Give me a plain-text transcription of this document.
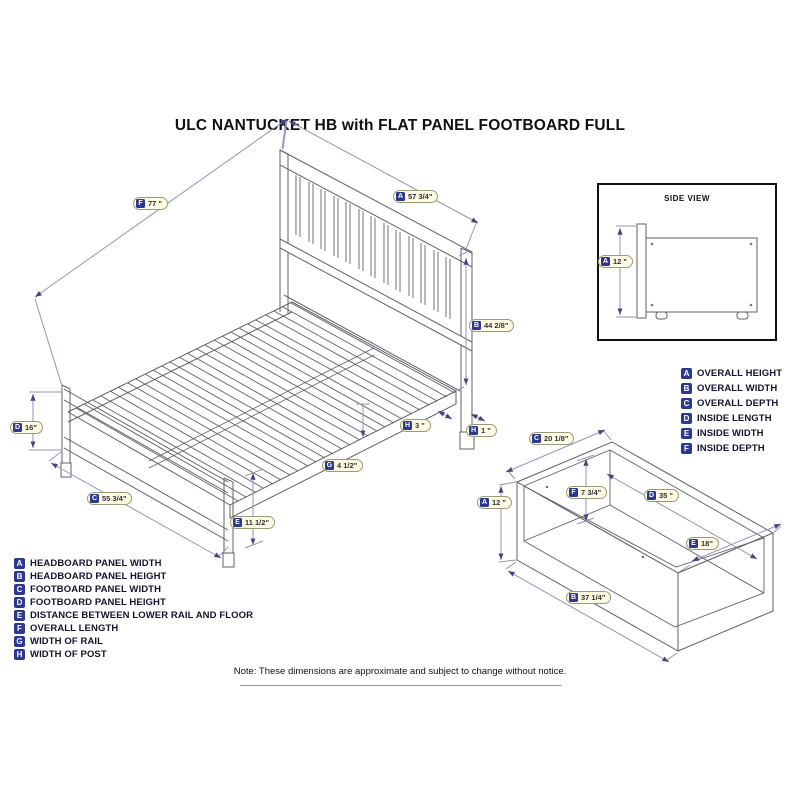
ULC NANTUCKET HB with FLAT PANEL FOOTBOARD FULL
SIDE VIEW
A 57 3/4"
F 77 "
B 44 2/8"
D 16"
C 55 3/4"
E 11 1/2"
G 4 1/2"
H 3 "
H 1 "
A 12 "
C 20 1/8"
F 7 3/4"	D 35 "
A 12 "
E 18"
B 37 1/4"
A OVERALL HEIGHT
B OVERALL WIDTH
C OVERALL DEPTH
D INSIDE LENGTH
E INSIDE WIDTH
F INSIDE DEPTH
A HEADBOARD PANEL WIDTH
B HEADBOARD PANEL HEIGHT
C FOOTBOARD PANEL WIDTH
D FOOTBOARD PANEL HEIGHT
E DISTANCE BETWEEN LOWER RAIL AND FLOOR
F OVERALL LENGTH
G WIDTH OF RAIL
H WIDTH OF POST
Note: These dimensions are approximate and subject to change without notice.
